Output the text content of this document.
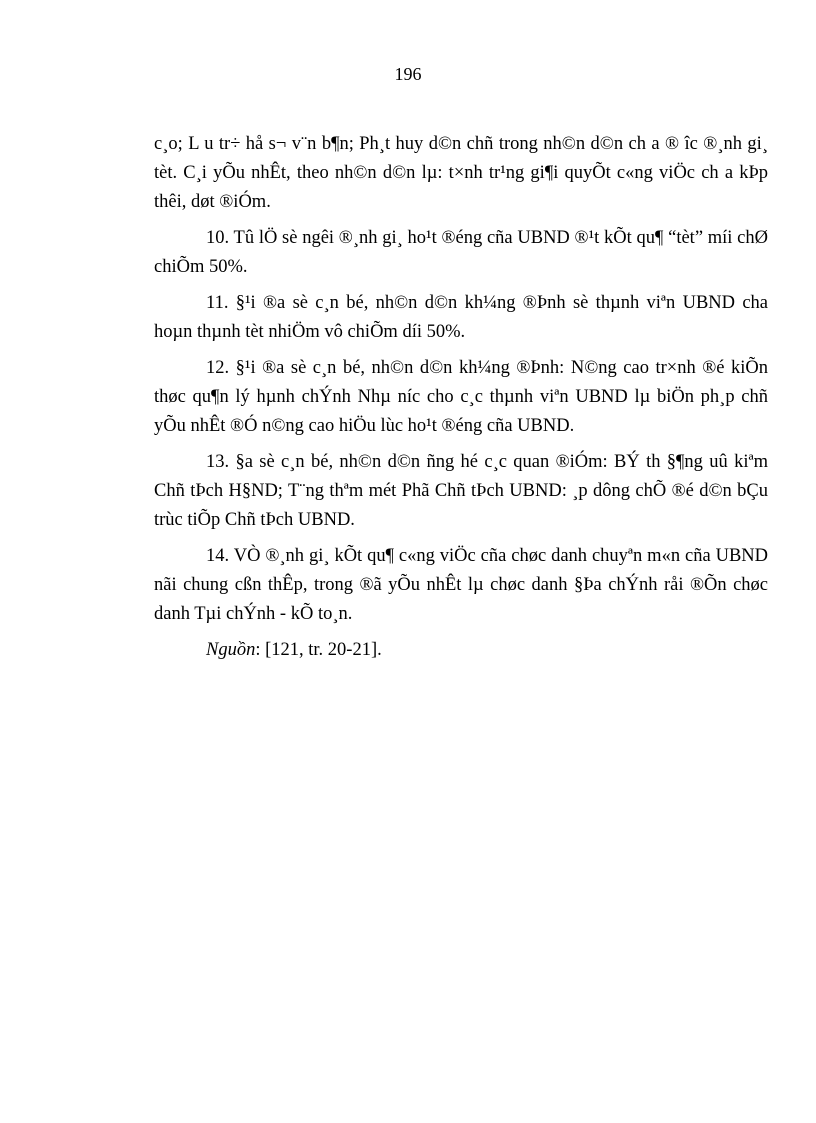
196

c¸o; L u tr÷ hå s¬ v¨n b¶n; Ph¸t huy d©n chñ trong nh©n d©n ch a ® îc ®¸nh gi¸ tèt. C¸i yÕu nhÊt, theo nh©n d©n lµ: t×nh tr¹ng gi¶i quyÕt c«ng viÖc ch a kÞp thêi, døt ®iÓm.

10. Tû lÖ sè ngêi ®¸nh gi¸ ho¹t ®éng cña UBND ®¹t kÕt qu¶ “tèt” míi chØ chiÕm 50%.

11. §¹i ®a sè c¸n bé, nh©n d©n kh¼ng ®Þnh sè thµnh viªn UBND cha hoµn thµnh tèt nhiÖm vô chiÕm díi 50%.

12. §¹i ®a sè c¸n bé, nh©n d©n kh¼ng ®Þnh: N©ng cao tr×nh ®é kiÕn thøc qu¶n lý hµnh chÝnh Nhµ níc cho c¸c thµnh viªn UBND lµ biÖn ph¸p chñ yÕu nhÊt ®Ó n©ng cao hiÖu lùc ho¹t ®éng cña UBND.

13. §a sè c¸n bé, nh©n d©n ñng hé c¸c quan ®iÓm: BÝ th §¶ng uû kiªm Chñ tÞch H§ND; T¨ng thªm mét Phã Chñ tÞch UBND: ¸p dông chÕ ®é d©n bÇu trùc tiÕp Chñ tÞch UBND.

14. VÒ ®¸nh gi¸ kÕt qu¶ c«ng viÖc cña chøc danh chuyªn m«n cña UBND nãi chung cßn thÊp, trong ®ã yÕu nhÊt lµ chøc danh §Þa chÝnh råi ®Õn chøc danh Tµi chÝnh - kÕ to¸n.

Nguồn: [121, tr. 20-21].
